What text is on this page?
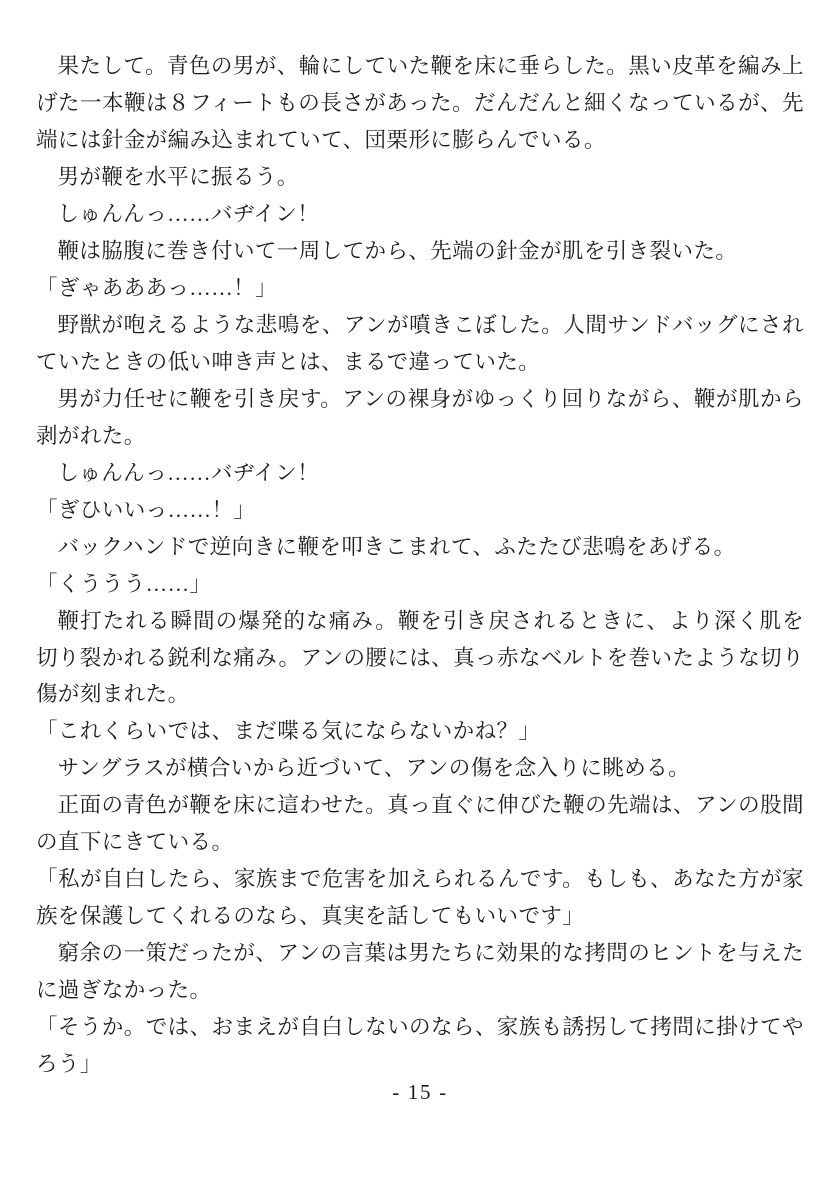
果たして。青色の男が、輪にしていた鞭を床に垂らした。黒い皮革を編み上げた一本鞭は８フィートもの長さがあった。だんだんと細くなっているが、先端には針金が編み込まれていて、団栗形に膨らんでいる。

男が鞭を水平に振るう。

しゅんんっ……バヂイン！

鞭は脇腹に巻き付いて一周してから、先端の針金が肌を引き裂いた。

「ぎゃあああっ……！」

野獣が咆えるような悲鳴を、アンが噴きこぼした。人間サンドバッグにされていたときの低い呻き声とは、まるで違っていた。

男が力任せに鞭を引き戻す。アンの裸身がゆっくり回りながら、鞭が肌から剥がれた。

しゅんんっ……バヂイン！

「ぎひいいっ……！」

バックハンドで逆向きに鞭を叩きこまれて、ふたたび悲鳴をあげる。

「くううう……」

鞭打たれる瞬間の爆発的な痛み。鞭を引き戻されるときに、より深く肌を切り裂かれる鋭利な痛み。アンの腰には、真っ赤なベルトを巻いたような切り傷が刻まれた。

「これくらいでは、まだ喋る気にならないかね？」

サングラスが横合いから近づいて、アンの傷を念入りに眺める。

正面の青色が鞭を床に這わせた。真っ直ぐに伸びた鞭の先端は、アンの股間の直下にきている。

「私が自白したら、家族まで危害を加えられるんです。もしも、あなた方が家族を保護してくれるのなら、真実を話してもいいです」

窮余の一策だったが、アンの言葉は男たちに効果的な拷問のヒントを与えたに過ぎなかった。

「そうか。では、おまえが自白しないのなら、家族も誘拐して拷問に掛けてやろう」

- 15 -
